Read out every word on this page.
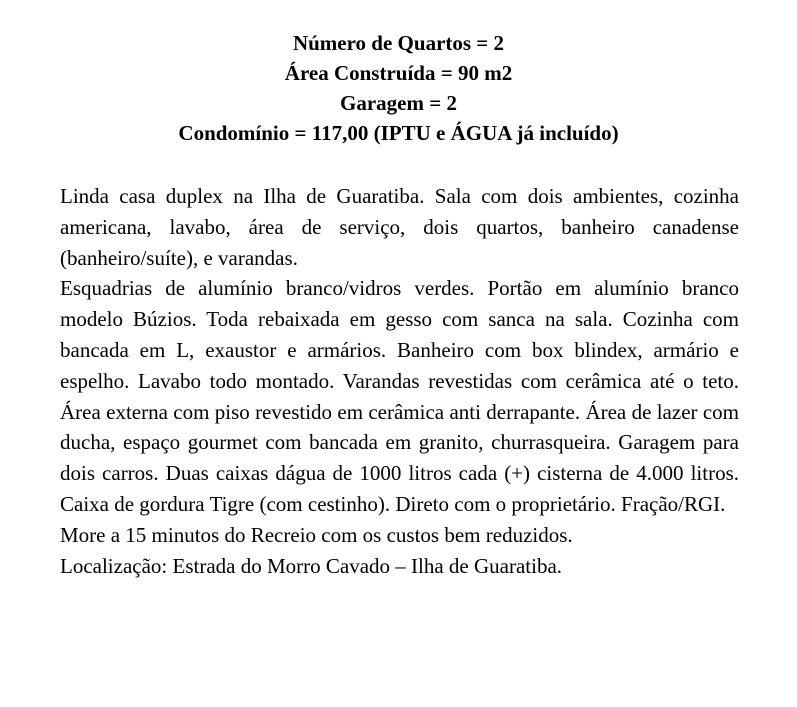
Número de Quartos = 2
Área Construída = 90 m2
Garagem = 2
Condomínio = 117,00 (IPTU e ÁGUA já incluído)

Linda casa duplex na Ilha de Guaratiba. Sala com dois ambientes, cozinha americana, lavabo, área de serviço, dois quartos, banheiro canadense (banheiro/suíte), e varandas.

Esquadrias de alumínio branco/vidros verdes. Portão em alumínio branco modelo Búzios. Toda rebaixada em gesso com sanca na sala. Cozinha com bancada em L, exaustor e armários. Banheiro com box blindex, armário e espelho. Lavabo todo montado. Varandas revestidas com cerâmica até o teto. Área externa com piso revestido em cerâmica anti derrapante. Área de lazer com ducha, espaço gourmet com bancada em granito, churrasqueira. Garagem para dois carros. Duas caixas dágua de 1000 litros cada (+) cisterna de 4.000 litros. Caixa de gordura Tigre (com cestinho). Direto com o proprietário. Fração/RGI.

More a 15 minutos do Recreio com os custos bem reduzidos.

Localização: Estrada do Morro Cavado – Ilha de Guaratiba.
